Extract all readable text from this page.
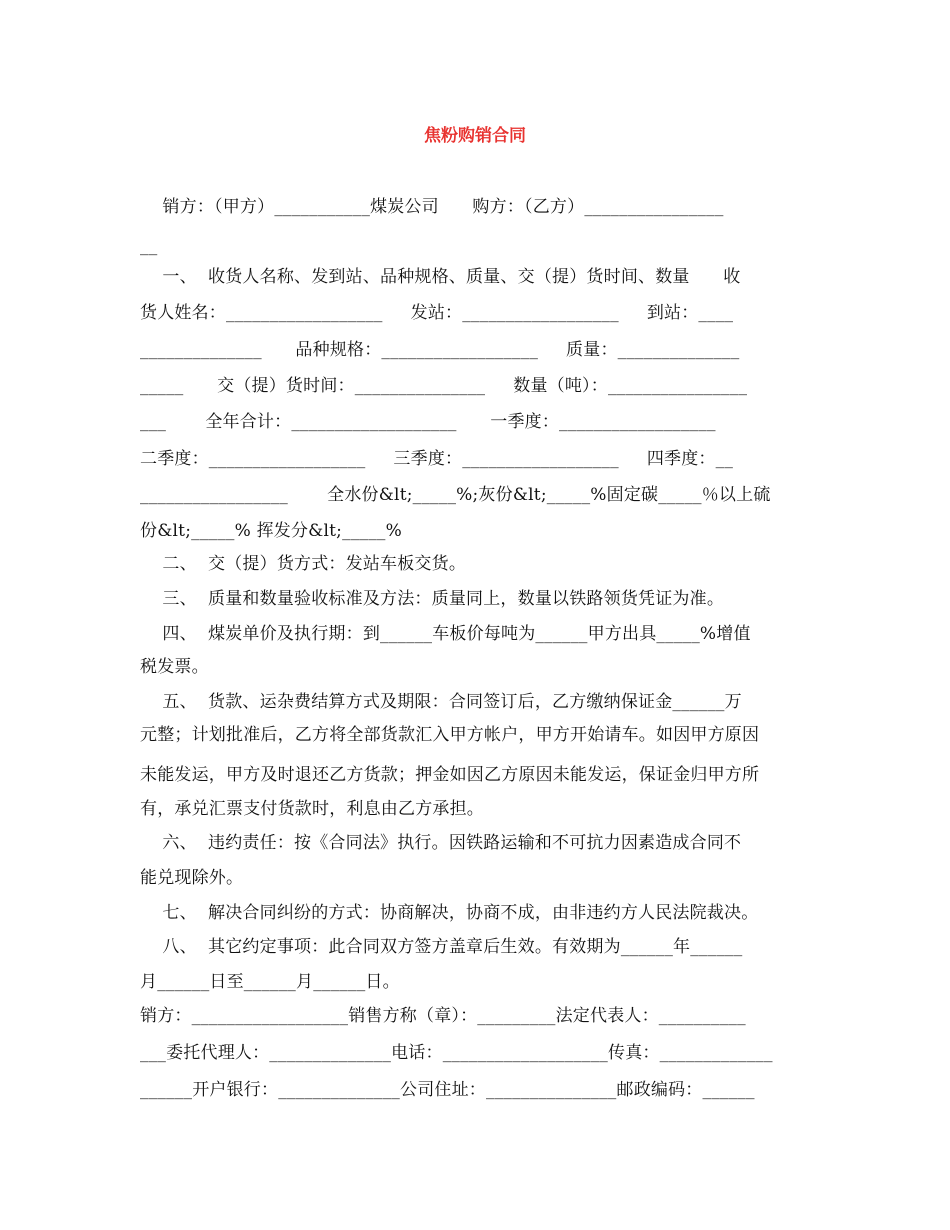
焦粉购销合同
销方：（甲方）___________煤炭公司      购方：（乙方）________________
__
一、  收货人名称、发到站、品种规格、质量、交（提）货时间、数量      收
货人姓名：__________________     发站：__________________     到站：____
______________      品种规格：__________________     质量：______________
_____      交（提）货时间：_______________     数量（吨）：________________
___       全年合计：___________________      一季度：__________________
二季度：__________________     三季度：__________________     四季度：__
_________________       全水份&lt;_____%;灰份&lt;_____%固定碳_____％以上硫
份&lt;_____% 挥发分&lt;_____%
二、  交（提）货方式：发站车板交货。
三、  质量和数量验收标准及方法：质量同上，数量以铁路领货凭证为准。
四、  煤炭单价及执行期：到______车板价每吨为______甲方出具_____%增值
税发票。
五、  货款、运杂费结算方式及期限：合同签订后，乙方缴纳保证金______万
元整；计划批准后，乙方将全部货款汇入甲方帐户，甲方开始请车。如因甲方原因
未能发运，甲方及时退还乙方货款；押金如因乙方原因未能发运，保证金归甲方所
有，承兑汇票支付货款时，利息由乙方承担。
六、  违约责任：按《合同法》执行。因铁路运输和不可抗力因素造成合同不
能兑现除外。
七、  解决合同纠纷的方式：协商解决，协商不成，由非违约方人民法院裁决。
八、  其它约定事项：此合同双方签方盖章后生效。有效期为______年______
月______日至______月______日。
销方：__________________销售方称（章）：_________法定代表人：__________
___委托代理人：______________电话：___________________传真：_____________
______开户银行：______________公司住址：_______________邮政编码：______
